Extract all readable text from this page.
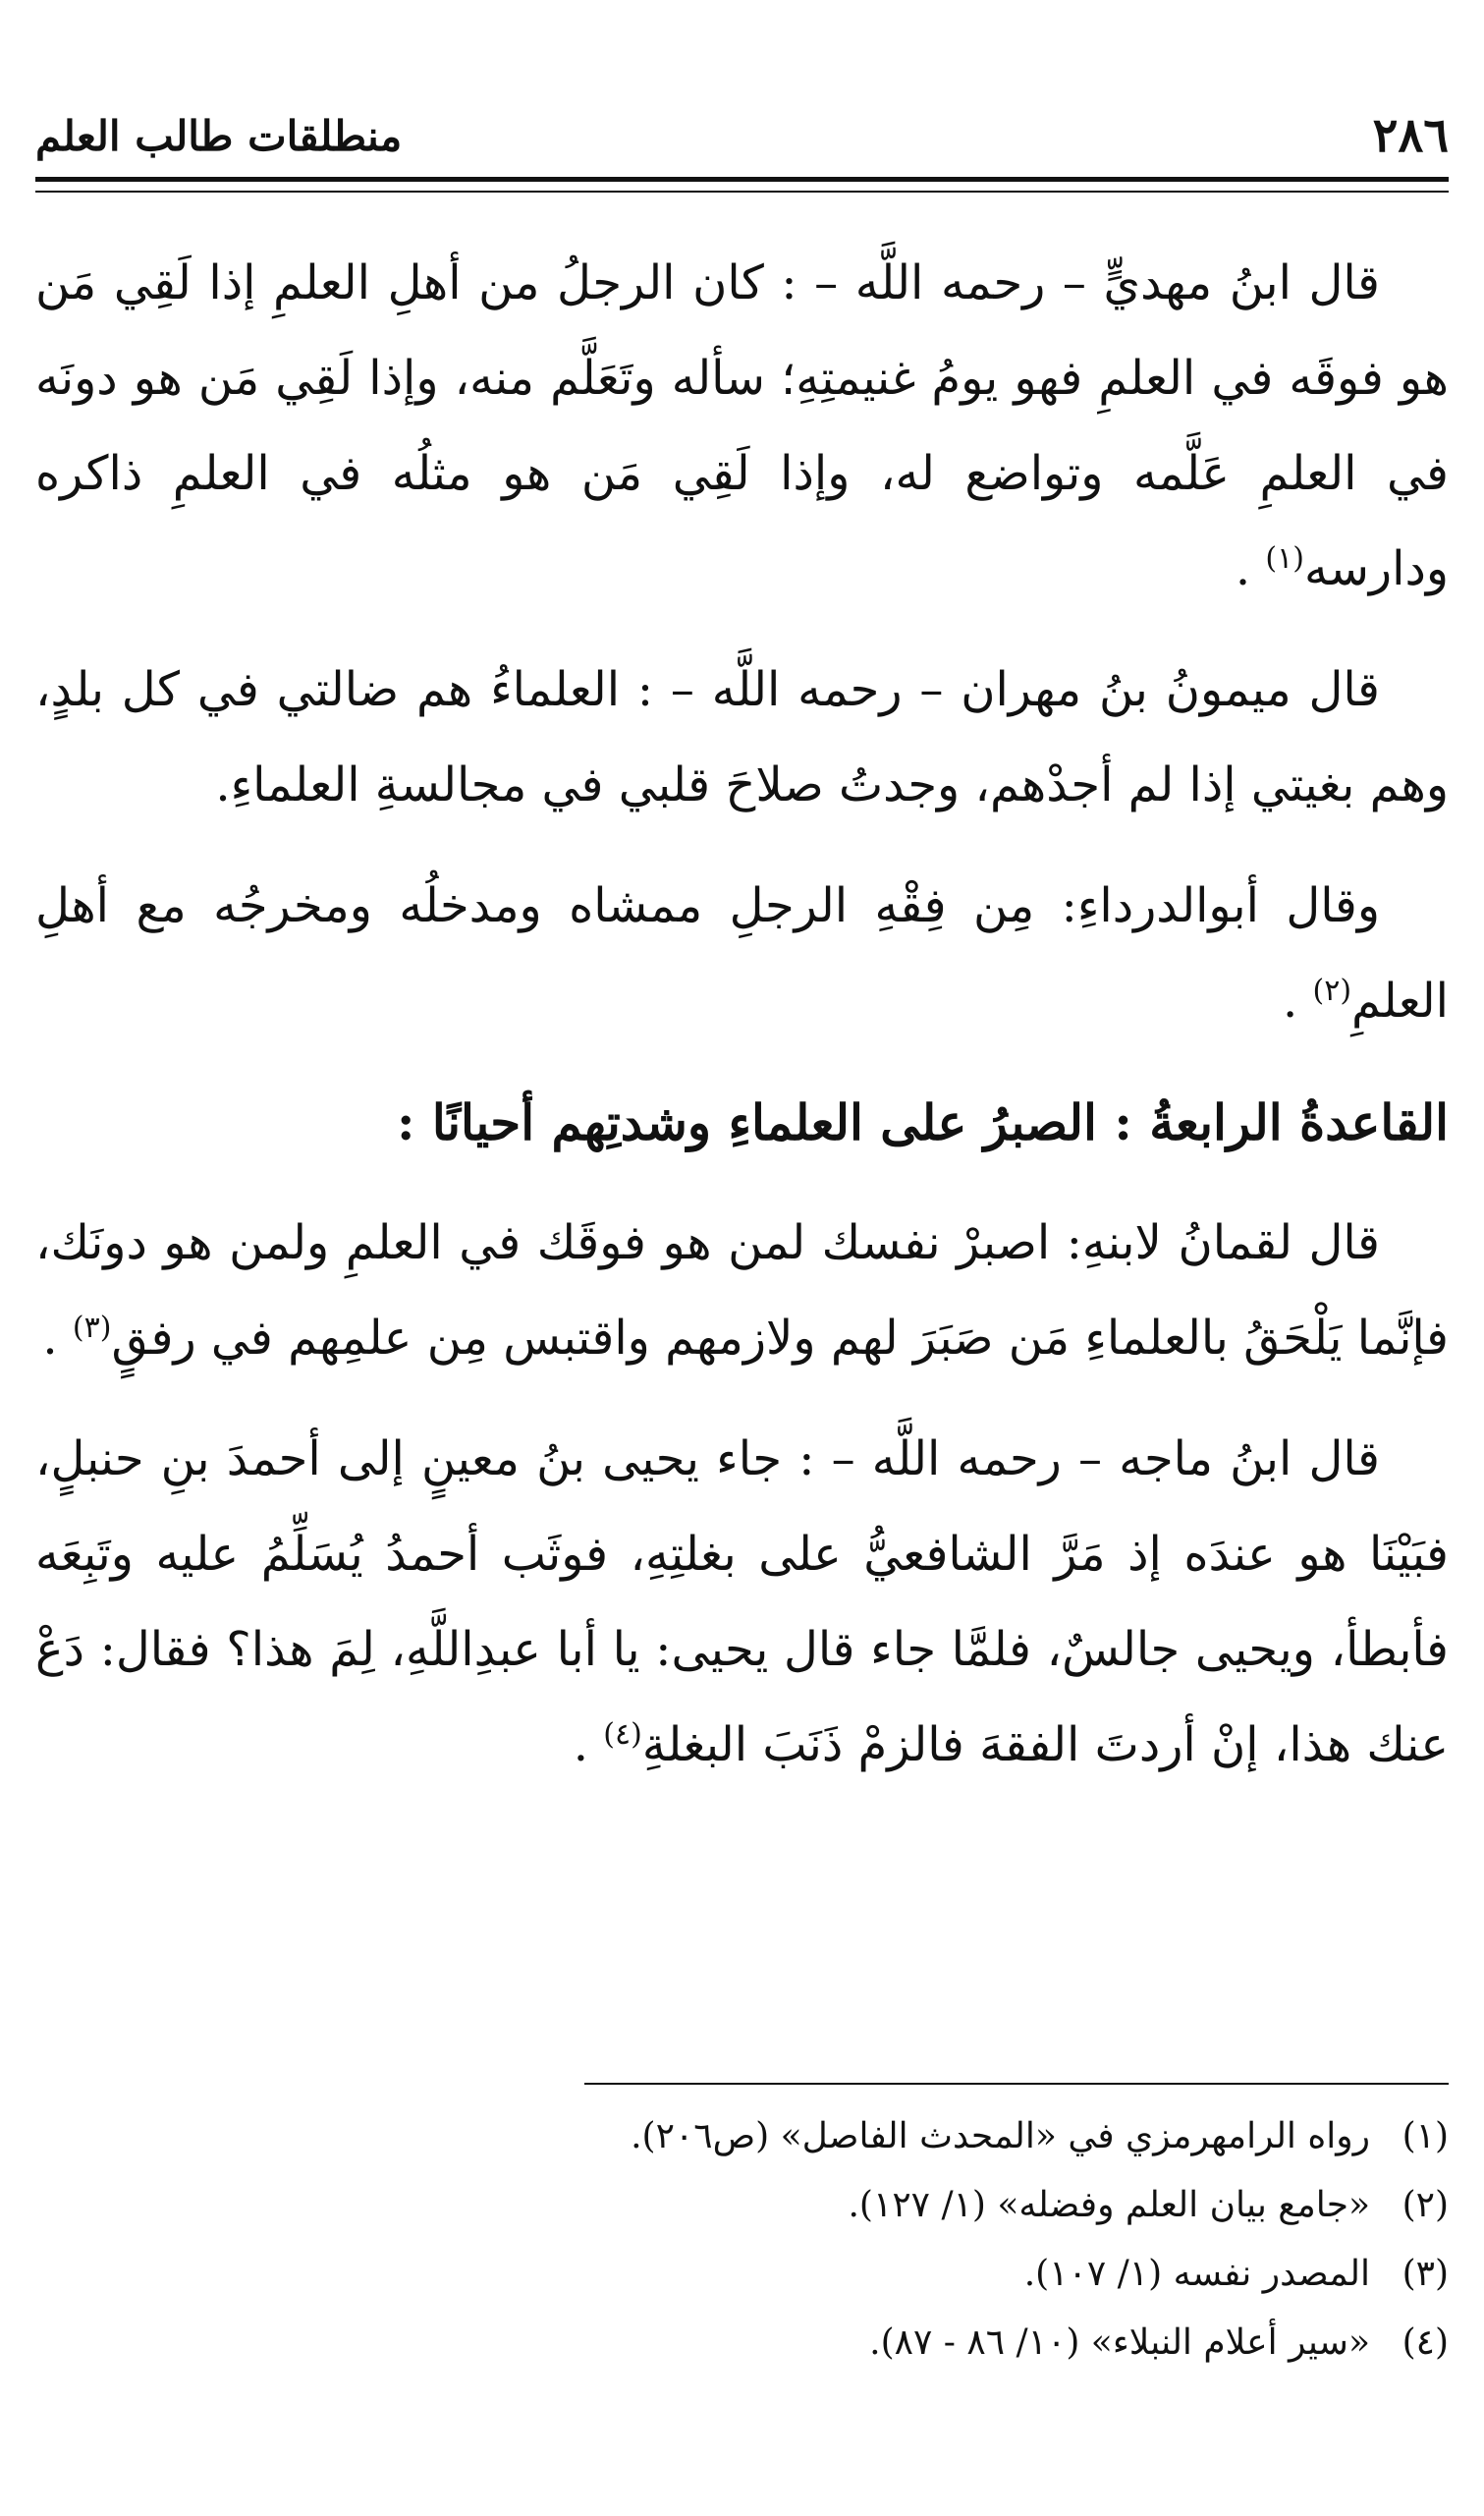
٢٨٦
منطلقات طالب العلم

قال ابنُ مهديٍّ – رحمه اللَّه – : كان الرجلُ من أهلِ العلمِ إذا لَقِي مَن هو فوقَه في العلمِ فهو يومُ غنيمتِهِ؛ سأله وتَعَلَّم منه، وإذا لَقِي مَن هو دونَه في العلمِ عَلَّمه وتواضع له، وإذا لَقِي مَن هو مثلُه في العلمِ ذاكره ودارسه$^{(١)}$ .

قال ميمونُ بنُ مهران – رحمه اللَّه – : العلماءُ هم ضالتي في كل بلدٍ، وهم بغيتي إذا لم أجدْهم، وجدتُ صلاحَ قلبي في مجالسةِ العلماءِ.

وقال أبوالدرداءِ: مِن فِقْهِ الرجلِ ممشاه ومدخلُه ومخرجُه مع أهلِ العلمِ$^{(٢)}$ .

القاعدةُ الرابعةُ : الصبرُ على العلماءِ وشدتِهم أحيانًا :

قال لقمانُ لابنهِ: اصبرْ نفسك لمن هو فوقَك في العلمِ ولمن هو دونَك، فإنَّما يَلْحَقُ بالعلماءِ مَن صَبَرَ لهم ولازمهم واقتبس مِن علمِهم في رفقٍ$^{(٣)}$ .

قال ابنُ ماجه – رحمه اللَّه – : جاء يحيى بنُ معينٍ إلى أحمدَ بنِ حنبلٍ، فبَيْنَا هو عندَه إذ مَرَّ الشافعيُّ على بغلتِهِ، فوثَب أحمدُ يُسَلِّمُ عليه وتَبِعَه فأبطأ، ويحيى جالسٌ، فلمَّا جاء قال يحيى: يا أبا عبدِاللَّهِ، لِمَ هذا؟ فقال: دَعْ عنك هذا، إنْ أردتَ الفقهَ فالزمْ ذَنَبَ البغلةِ$^{(٤)}$ .

(١)رواه الرامهرمزي في «المحدث الفاصل» (ص٢٠٦).
(٢)«جامع بيان العلم وفضله» (١/ ١٢٧).
(٣)المصدر نفسه (١/ ١٠٧).
(٤)«سير أعلام النبلاء» (١٠/ ٨٦ - ٨٧).
